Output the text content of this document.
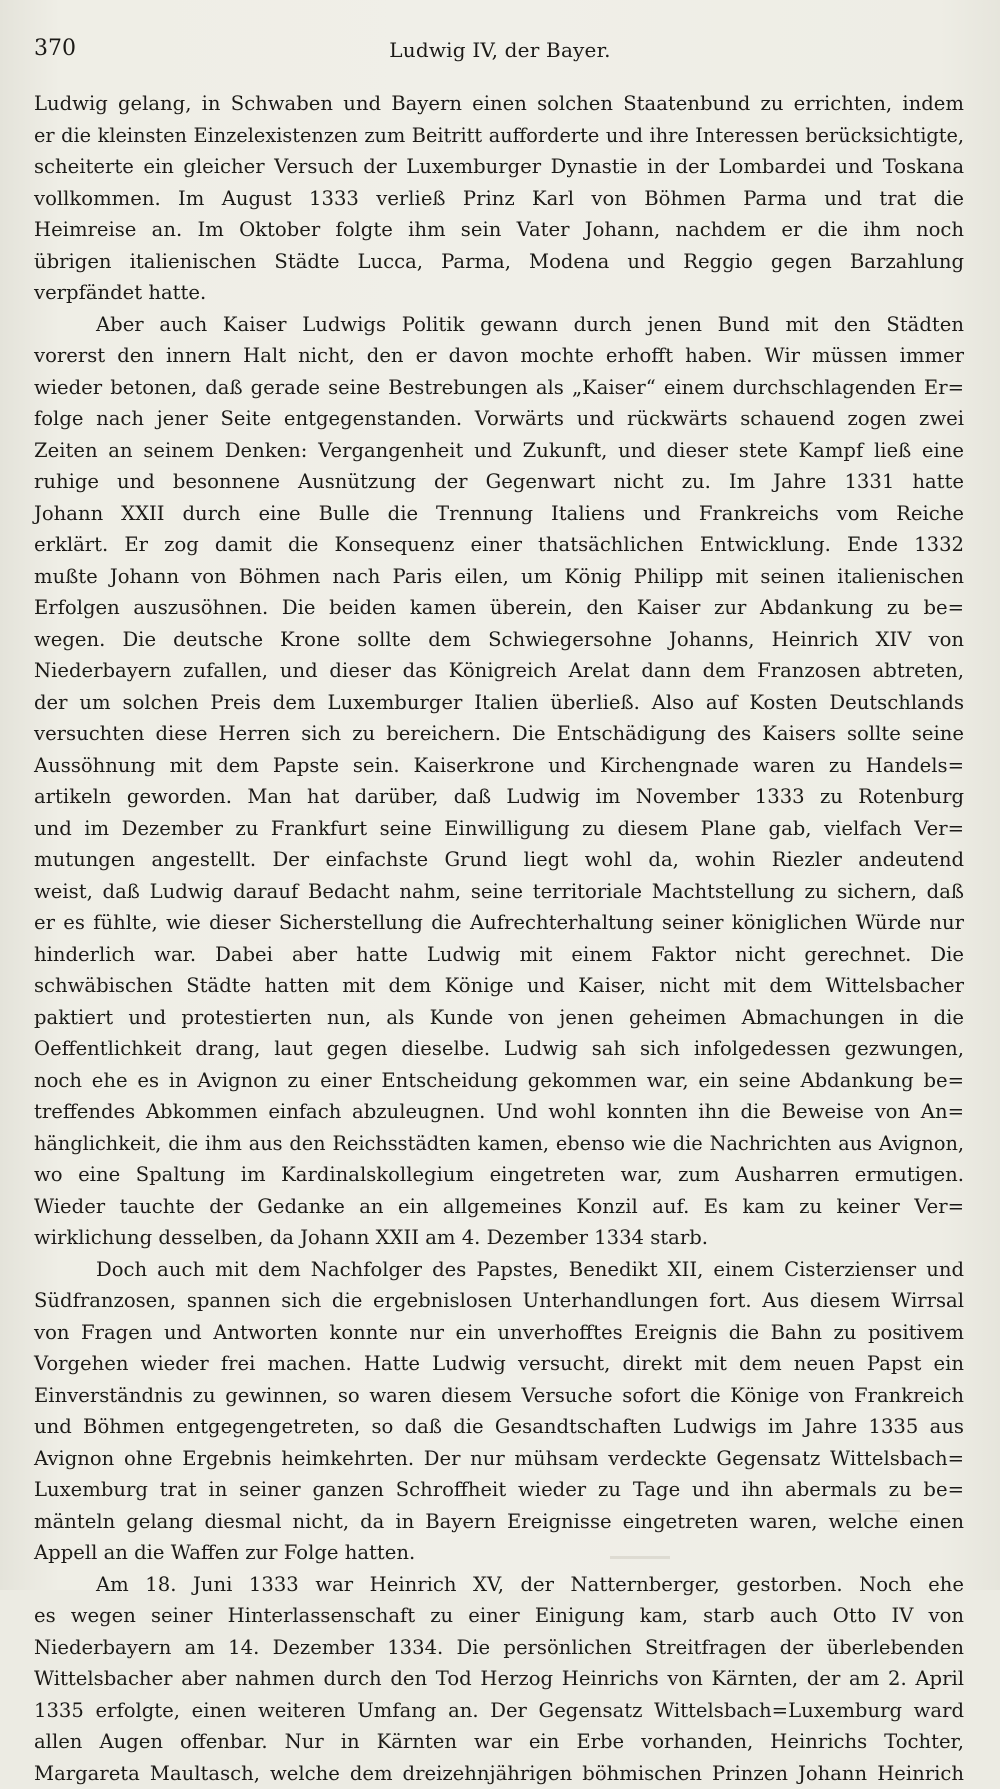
370	Ludwig IV, der Bayer.
Ludwig gelang, in Schwaben und Bayern einen solchen Staatenbund zu errichten, indem
er die kleinsten Einzelexistenzen zum Beitritt aufforderte und ihre Interessen berücksichtigte,
scheiterte ein gleicher Versuch der Luxemburger Dynastie in der Lombardei und Toskana
vollkommen. Im August 1333 verließ Prinz Karl von Böhmen Parma und trat die
Heimreise an. Im Oktober folgte ihm sein Vater Johann, nachdem er die ihm noch
übrigen italienischen Städte Lucca, Parma, Modena und Reggio gegen Barzahlung
verpfändet hatte.
Aber auch Kaiser Ludwigs Politik gewann durch jenen Bund mit den Städten
vorerst den innern Halt nicht, den er davon mochte erhofft haben. Wir müssen immer
wieder betonen, daß gerade seine Bestrebungen als „Kaiser“ einem durchschlagenden Er=
folge nach jener Seite entgegenstanden. Vorwärts und rückwärts schauend zogen zwei
Zeiten an seinem Denken: Vergangenheit und Zukunft, und dieser stete Kampf ließ eine
ruhige und besonnene Ausnützung der Gegenwart nicht zu. Im Jahre 1331 hatte
Johann XXII durch eine Bulle die Trennung Italiens und Frankreichs vom Reiche
erklärt. Er zog damit die Konsequenz einer thatsächlichen Entwicklung. Ende 1332
mußte Johann von Böhmen nach Paris eilen, um König Philipp mit seinen italienischen
Erfolgen auszusöhnen. Die beiden kamen überein, den Kaiser zur Abdankung zu be=
wegen. Die deutsche Krone sollte dem Schwiegersohne Johanns, Heinrich XIV von
Niederbayern zufallen, und dieser das Königreich Arelat dann dem Franzosen abtreten,
der um solchen Preis dem Luxemburger Italien überließ. Also auf Kosten Deutschlands
versuchten diese Herren sich zu bereichern. Die Entschädigung des Kaisers sollte seine
Aussöhnung mit dem Papste sein. Kaiserkrone und Kirchengnade waren zu Handels=
artikeln geworden. Man hat darüber, daß Ludwig im November 1333 zu Rotenburg
und im Dezember zu Frankfurt seine Einwilligung zu diesem Plane gab, vielfach Ver=
mutungen angestellt. Der einfachste Grund liegt wohl da, wohin Riezler andeutend
weist, daß Ludwig darauf Bedacht nahm, seine territoriale Machtstellung zu sichern, daß
er es fühlte, wie dieser Sicherstellung die Aufrechterhaltung seiner königlichen Würde nur
hinderlich war. Dabei aber hatte Ludwig mit einem Faktor nicht gerechnet. Die
schwäbischen Städte hatten mit dem Könige und Kaiser, nicht mit dem Wittelsbacher
paktiert und protestierten nun, als Kunde von jenen geheimen Abmachungen in die
Oeffentlichkeit drang, laut gegen dieselbe. Ludwig sah sich infolgedessen gezwungen,
noch ehe es in Avignon zu einer Entscheidung gekommen war, ein seine Abdankung be=
treffendes Abkommen einfach abzuleugnen. Und wohl konnten ihn die Beweise von An=
hänglichkeit, die ihm aus den Reichsstädten kamen, ebenso wie die Nachrichten aus Avignon,
wo eine Spaltung im Kardinalskollegium eingetreten war, zum Ausharren ermutigen.
Wieder tauchte der Gedanke an ein allgemeines Konzil auf. Es kam zu keiner Ver=
wirklichung desselben, da Johann XXII am 4. Dezember 1334 starb.
Doch auch mit dem Nachfolger des Papstes, Benedikt XII, einem Cisterzienser und
Südfranzosen, spannen sich die ergebnislosen Unterhandlungen fort. Aus diesem Wirrsal
von Fragen und Antworten konnte nur ein unverhofftes Ereignis die Bahn zu positivem
Vorgehen wieder frei machen. Hatte Ludwig versucht, direkt mit dem neuen Papst ein
Einverständnis zu gewinnen, so waren diesem Versuche sofort die Könige von Frankreich
und Böhmen entgegengetreten, so daß die Gesandtschaften Ludwigs im Jahre 1335 aus
Avignon ohne Ergebnis heimkehrten. Der nur mühsam verdeckte Gegensatz Wittelsbach=
Luxemburg trat in seiner ganzen Schroffheit wieder zu Tage und ihn abermals zu be=
mänteln gelang diesmal nicht, da in Bayern Ereignisse eingetreten waren, welche einen
Appell an die Waffen zur Folge hatten.
Am 18. Juni 1333 war Heinrich XV, der Natternberger, gestorben. Noch ehe
es wegen seiner Hinterlassenschaft zu einer Einigung kam, starb auch Otto IV von
Niederbayern am 14. Dezember 1334. Die persönlichen Streitfragen der überlebenden
Wittelsbacher aber nahmen durch den Tod Herzog Heinrichs von Kärnten, der am 2. April
1335 erfolgte, einen weiteren Umfang an. Der Gegensatz Wittelsbach=Luxemburg ward
allen Augen offenbar. Nur in Kärnten war ein Erbe vorhanden, Heinrichs Tochter,
Margareta Maultasch, welche dem dreizehnjährigen böhmischen Prinzen Johann Heinrich
